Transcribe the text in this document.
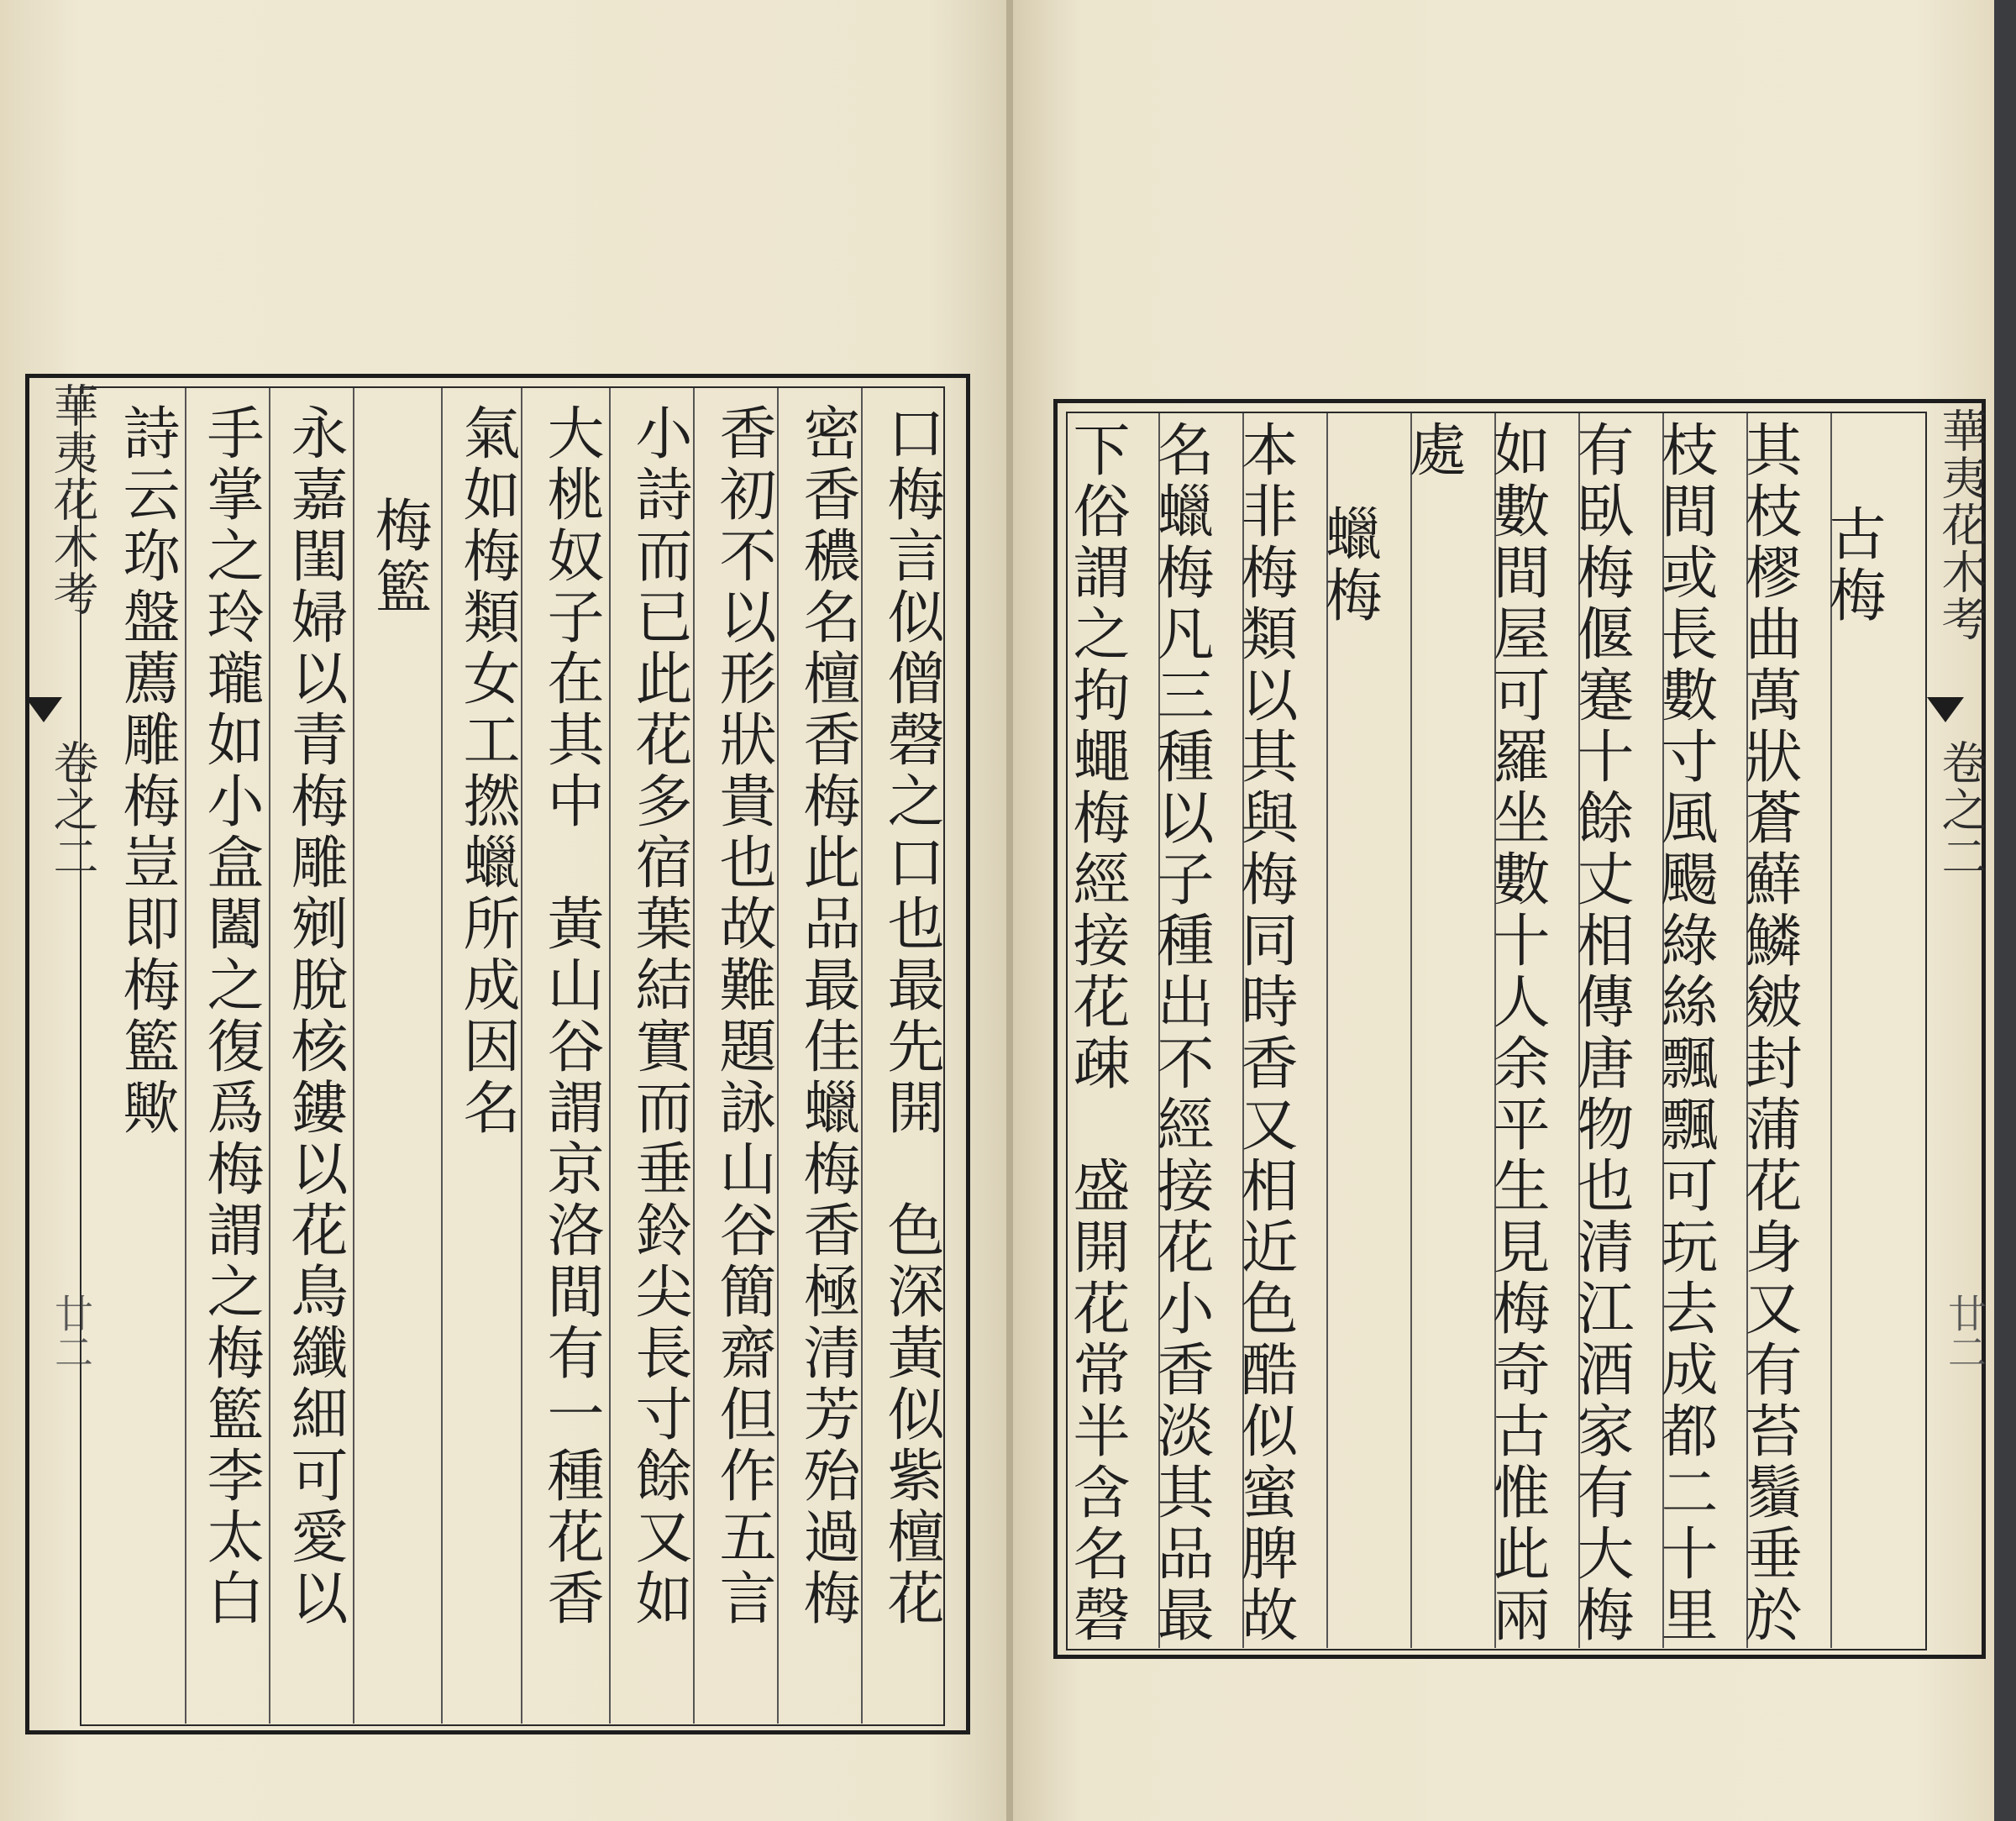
華夷花木考
卷之二
廿二	口梅言似僧磬之口也最先開　色深黃似紫檀花
密香穠名檀香梅此品最佳蠟梅香極清芳殆過梅
香初不以形狀貴也故難題詠山谷簡齋但作五言
小詩而已此花多宿葉結實而垂鈴尖長寸餘又如
大桃奴子在其中　黃山谷謂京洛間有一種花香
氣如梅類女工撚蠟所成因名
梅籃
永嘉閨婦以青梅雕剜脫核鏤以花鳥纖細可愛以
手掌之玲瓏如小盒闔之復爲梅謂之梅籃李太白
詩云珎盤薦雕梅豈即梅籃歟	古梅
其枝樛曲萬狀蒼蘚鱗皴封蒲花身又有苔鬚垂於
枝間或長數寸風颺綠絲飄飄可玩去成都二十里
有臥梅偃蹇十餘丈相傳唐物也清江酒家有大梅
如數間屋可羅坐數十人余平生見梅奇古惟此兩
處
蠟梅
本非梅類以其與梅同時香又相近色酷似蜜脾故
名蠟梅凡三種以子種出不經接花小香淡其品最
下俗謂之拘蠅梅經接花疎　盛開花常半含名磬	華夷花木考
卷之二
廿二
